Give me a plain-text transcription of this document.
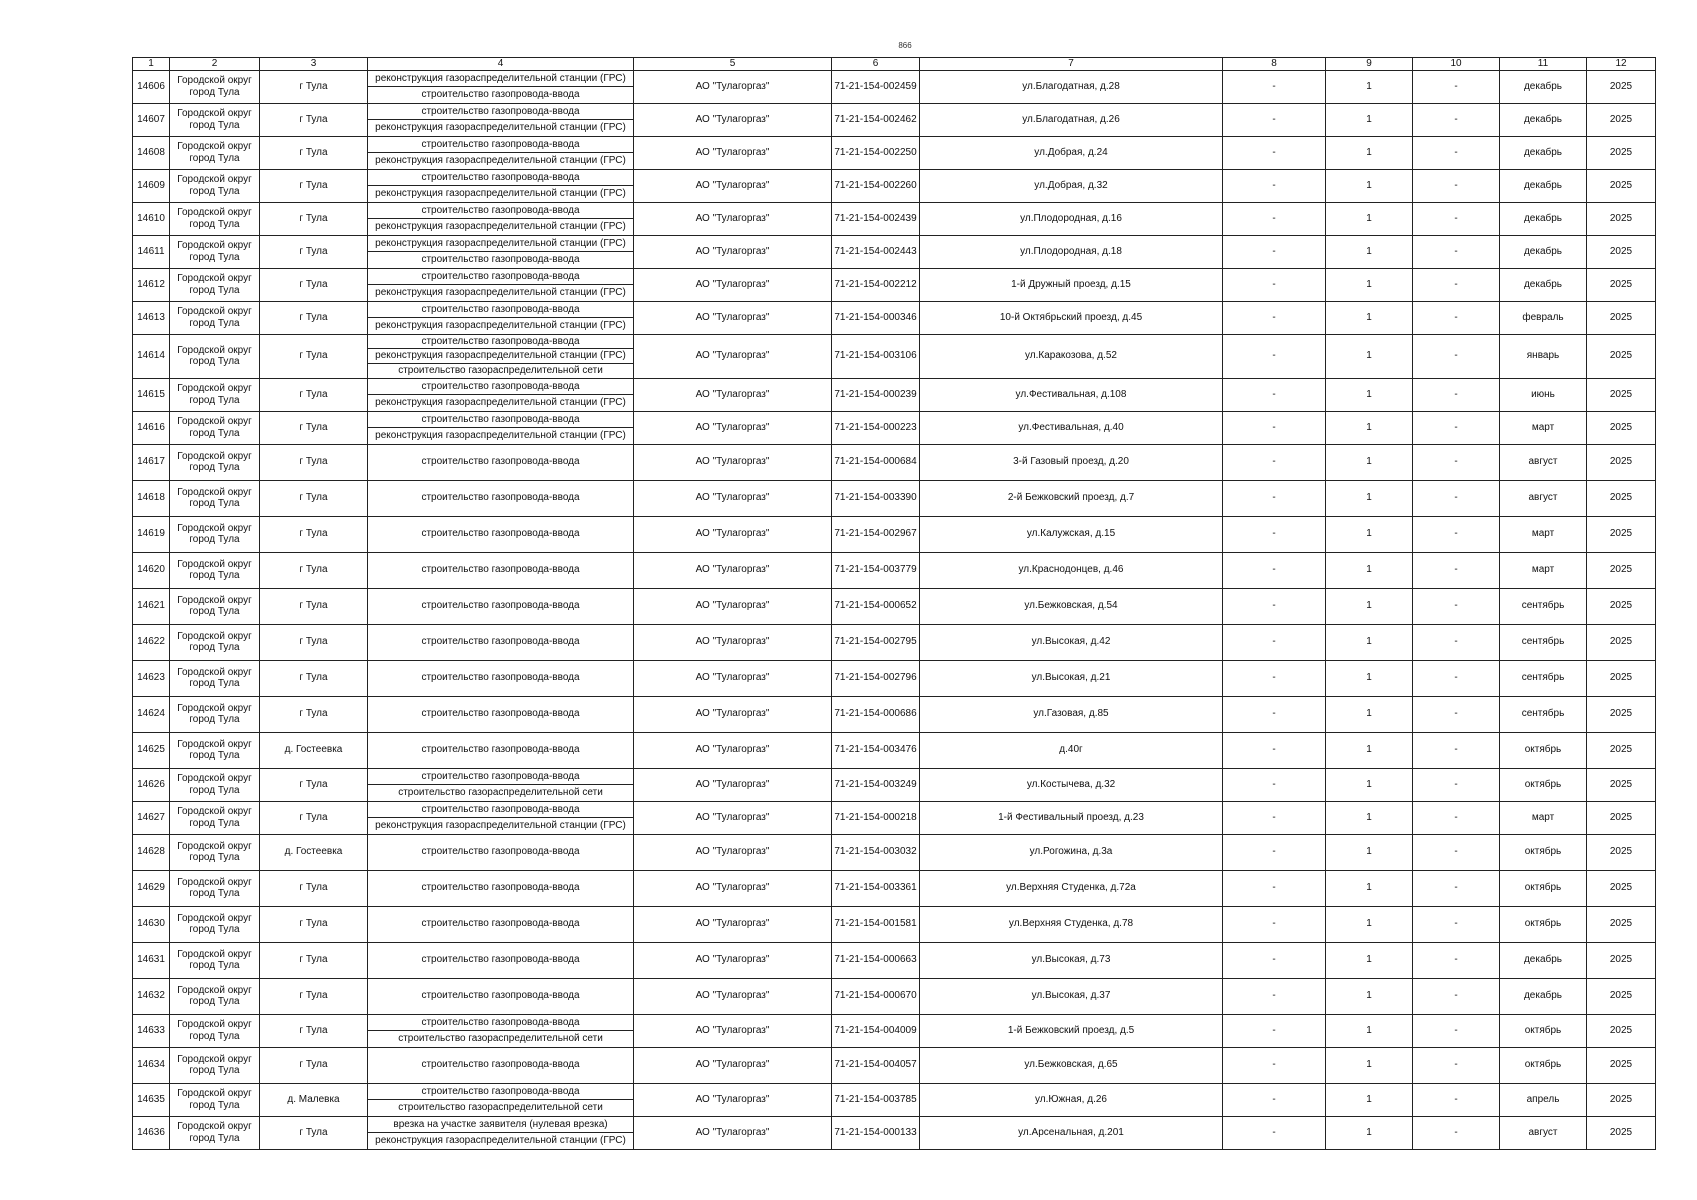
866
1	2	3	4	5	6	7	8	9	10	11	12
14606	Городской округ город Тула	г Тула	реконструкция газораспределительной станции (ГРС)
строительство газопровода-ввода	АО "Тулагоргаз"	71-21-154-002459	ул.Благодатная, д.28	-	1	-	декабрь	2025
14607	Городской округ город Тула	г Тула	строительство газопровода-ввода
реконструкция газораспределительной станции (ГРС)	АО "Тулагоргаз"	71-21-154-002462	ул.Благодатная, д.26	-	1	-	декабрь	2025
14608	Городской округ город Тула	г Тула	строительство газопровода-ввода
реконструкция газораспределительной станции (ГРС)	АО "Тулагоргаз"	71-21-154-002250	ул.Добрая, д.24	-	1	-	декабрь	2025
14609	Городской округ город Тула	г Тула	строительство газопровода-ввода
реконструкция газораспределительной станции (ГРС)	АО "Тулагоргаз"	71-21-154-002260	ул.Добрая, д.32	-	1	-	декабрь	2025
14610	Городской округ город Тула	г Тула	строительство газопровода-ввода
реконструкция газораспределительной станции (ГРС)	АО "Тулагоргаз"	71-21-154-002439	ул.Плодородная, д.16	-	1	-	декабрь	2025
14611	Городской округ город Тула	г Тула	реконструкция газораспределительной станции (ГРС)
строительство газопровода-ввода	АО "Тулагоргаз"	71-21-154-002443	ул.Плодородная, д.18	-	1	-	декабрь	2025
14612	Городской округ город Тула	г Тула	строительство газопровода-ввода
реконструкция газораспределительной станции (ГРС)	АО "Тулагоргаз"	71-21-154-002212	1-й Дружный проезд, д.15	-	1	-	декабрь	2025
14613	Городской округ город Тула	г Тула	строительство газопровода-ввода
реконструкция газораспределительной станции (ГРС)	АО "Тулагоргаз"	71-21-154-000346	10-й Октябрьский проезд, д.45	-	1	-	февраль	2025
14614	Городской округ город Тула	г Тула	строительство газопровода-ввода
реконструкция газораспределительной станции (ГРС)
строительство газораспределительной сети	АО "Тулагоргаз"	71-21-154-003106	ул.Каракозова, д.52	-	1	-	январь	2025
14615	Городской округ город Тула	г Тула	строительство газопровода-ввода
реконструкция газораспределительной станции (ГРС)	АО "Тулагоргаз"	71-21-154-000239	ул.Фестивальная, д.108	-	1	-	июнь	2025
14616	Городской округ город Тула	г Тула	строительство газопровода-ввода
реконструкция газораспределительной станции (ГРС)	АО "Тулагоргаз"	71-21-154-000223	ул.Фестивальная, д.40	-	1	-	март	2025
14617	Городской округ город Тула	г Тула	строительство газопровода-ввода	АО "Тулагоргаз"	71-21-154-000684	3-й Газовый проезд, д.20	-	1	-	август	2025
14618	Городской округ город Тула	г Тула	строительство газопровода-ввода	АО "Тулагоргаз"	71-21-154-003390	2-й Бежковский проезд, д.7	-	1	-	август	2025
14619	Городской округ город Тула	г Тула	строительство газопровода-ввода	АО "Тулагоргаз"	71-21-154-002967	ул.Калужская, д.15	-	1	-	март	2025
14620	Городской округ город Тула	г Тула	строительство газопровода-ввода	АО "Тулагоргаз"	71-21-154-003779	ул.Краснодонцев, д.46	-	1	-	март	2025
14621	Городской округ город Тула	г Тула	строительство газопровода-ввода	АО "Тулагоргаз"	71-21-154-000652	ул.Бежковская, д.54	-	1	-	сентябрь	2025
14622	Городской округ город Тула	г Тула	строительство газопровода-ввода	АО "Тулагоргаз"	71-21-154-002795	ул.Высокая, д.42	-	1	-	сентябрь	2025
14623	Городской округ город Тула	г Тула	строительство газопровода-ввода	АО "Тулагоргаз"	71-21-154-002796	ул.Высокая, д.21	-	1	-	сентябрь	2025
14624	Городской округ город Тула	г Тула	строительство газопровода-ввода	АО "Тулагоргаз"	71-21-154-000686	ул.Газовая, д.85	-	1	-	сентябрь	2025
14625	Городской округ город Тула	д. Гостеевка	строительство газопровода-ввода	АО "Тулагоргаз"	71-21-154-003476	д.40г	-	1	-	октябрь	2025
14626	Городской округ город Тула	г Тула	строительство газопровода-ввода
строительство газораспределительной сети	АО "Тулагоргаз"	71-21-154-003249	ул.Костычева, д.32	-	1	-	октябрь	2025
14627	Городской округ город Тула	г Тула	строительство газопровода-ввода
реконструкция газораспределительной станции (ГРС)	АО "Тулагоргаз"	71-21-154-000218	1-й Фестивальный проезд, д.23	-	1	-	март	2025
14628	Городской округ город Тула	д. Гостеевка	строительство газопровода-ввода	АО "Тулагоргаз"	71-21-154-003032	ул.Рогожина, д.3а	-	1	-	октябрь	2025
14629	Городской округ город Тула	г Тула	строительство газопровода-ввода	АО "Тулагоргаз"	71-21-154-003361	ул.Верхняя Студенка, д.72а	-	1	-	октябрь	2025
14630	Городской округ город Тула	г Тула	строительство газопровода-ввода	АО "Тулагоргаз"	71-21-154-001581	ул.Верхняя Студенка, д.78	-	1	-	октябрь	2025
14631	Городской округ город Тула	г Тула	строительство газопровода-ввода	АО "Тулагоргаз"	71-21-154-000663	ул.Высокая, д.73	-	1	-	декабрь	2025
14632	Городской округ город Тула	г Тула	строительство газопровода-ввода	АО "Тулагоргаз"	71-21-154-000670	ул.Высокая, д.37	-	1	-	декабрь	2025
14633	Городской округ город Тула	г Тула	строительство газопровода-ввода
строительство газораспределительной сети	АО "Тулагоргаз"	71-21-154-004009	1-й Бежковский проезд, д.5	-	1	-	октябрь	2025
14634	Городской округ город Тула	г Тула	строительство газопровода-ввода	АО "Тулагоргаз"	71-21-154-004057	ул.Бежковская, д.65	-	1	-	октябрь	2025
14635	Городской округ город Тула	д. Малевка	строительство газопровода-ввода
строительство газораспределительной сети	АО "Тулагоргаз"	71-21-154-003785	ул.Южная, д.26	-	1	-	апрель	2025
14636	Городской округ город Тула	г Тула	врезка на участке заявителя (нулевая врезка)
реконструкция газораспределительной станции (ГРС)	АО "Тулагоргаз"	71-21-154-000133	ул.Арсенальная, д.201	-	1	-	август	2025
